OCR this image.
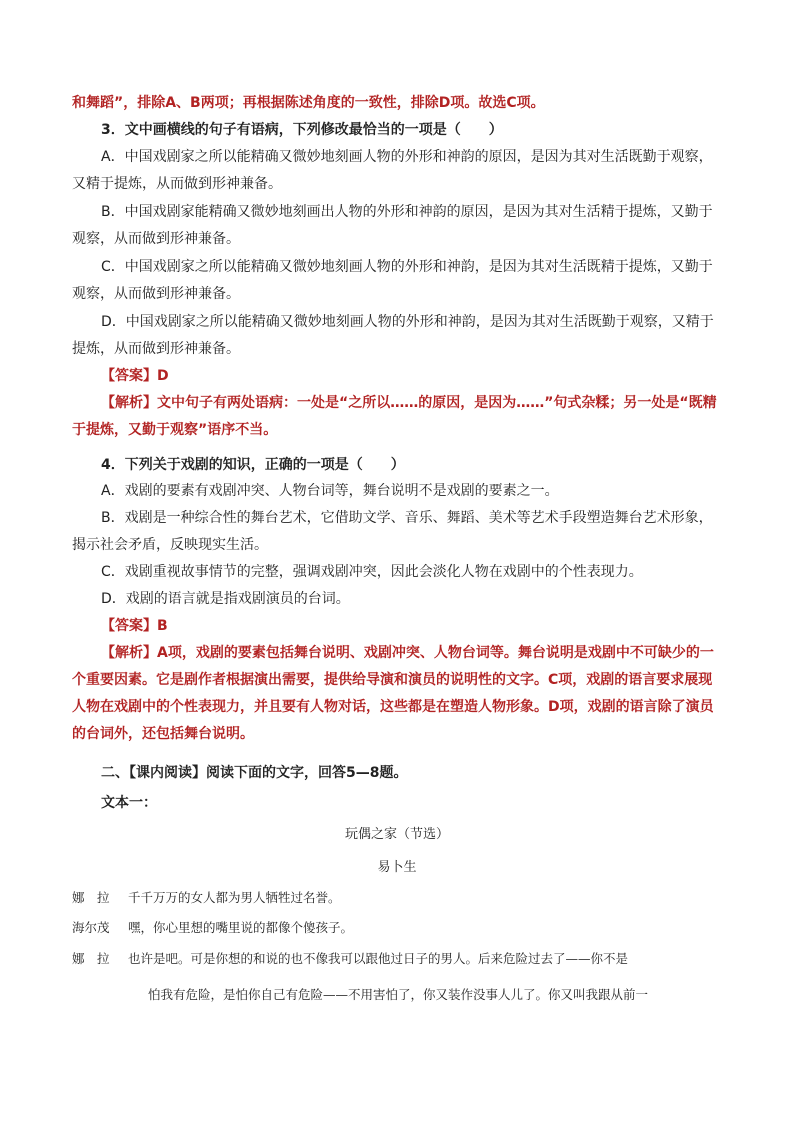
和舞蹈”，排除A、B两项；再根据陈述角度的一致性，排除D项。故选C项。

3．文中画横线的句子有语病，下列修改最恰当的一项是（　　）

A．中国戏剧家之所以能精确又微妙地刻画人物的外形和神韵的原因，是因为其对生活既勤于观察，又精于提炼，从而做到形神兼备。

B．中国戏剧家能精确又微妙地刻画出人物的外形和神韵的原因，是因为其对生活精于提炼，又勤于观察，从而做到形神兼备。

C．中国戏剧家之所以能精确又微妙地刻画人物的外形和神韵，是因为其对生活既精于提炼，又勤于观察，从而做到形神兼备。

D．中国戏剧家之所以能精确又微妙地刻画人物的外形和神韵，是因为其对生活既勤于观察，又精于提炼，从而做到形神兼备。

【答案】D

【解析】文中句子有两处语病：一处是“之所以……的原因，是因为……”句式杂糅；另一处是“既精于提炼，又勤于观察”语序不当。

4．下列关于戏剧的知识，正确的一项是（　　）

A．戏剧的要素有戏剧冲突、人物台词等，舞台说明不是戏剧的要素之一。

B．戏剧是一种综合性的舞台艺术，它借助文学、音乐、舞蹈、美术等艺术手段塑造舞台艺术形象，揭示社会矛盾，反映现实生活。

C．戏剧重视故事情节的完整，强调戏剧冲突，因此会淡化人物在戏剧中的个性表现力。

D．戏剧的语言就是指戏剧演员的台词。

【答案】B

【解析】A项，戏剧的要素包括舞台说明、戏剧冲突、人物台词等。舞台说明是戏剧中不可缺少的一个重要因素。它是剧作者根据演出需要，提供给导演和演员的说明性的文字。C项，戏剧的语言要求展现人物在戏剧中的个性表现力，并且要有人物对话，这些都是在塑造人物形象。D项，戏剧的语言除了演员的台词外，还包括舞台说明。

二、【课内阅读】阅读下面的文字，回答5—8题。

文本一：

玩偶之家（节选）

易卜生

娜　拉 千千万万的女人都为男人牺牲过名誉。

海尔茂 嘿，你心里想的嘴里说的都像个傻孩子。

娜　拉 也许是吧。可是你想的和说的也不像我可以跟他过日子的男人。后来危险过去了——你不是

怕我有危险，是怕你自己有危险——不用害怕了，你又装作没事人儿了。你又叫我跟从前一
